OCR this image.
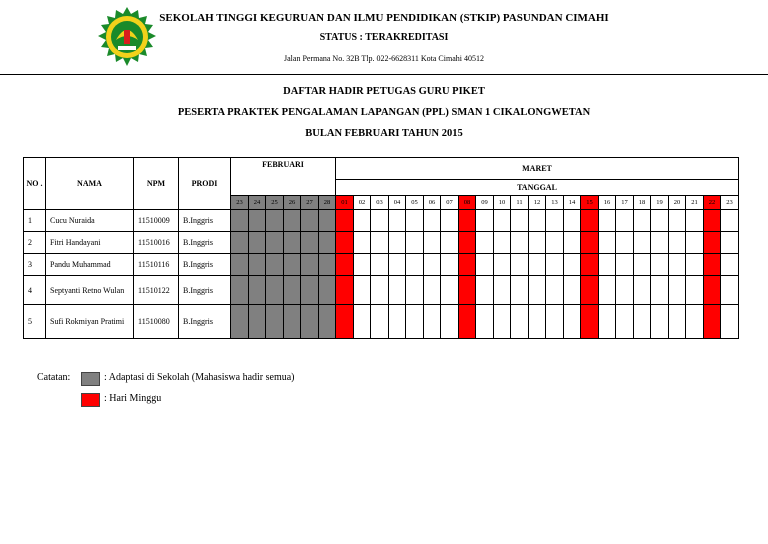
SEKOLAH TINGGI KEGURUAN DAN ILMU PENDIDIKAN (STKIP) PASUNDAN CIMAHI
STATUS : TERAKREDITASI
Jalan Permana No. 32B Tlp. 022-6628311 Kota Cimahi 40512
DAFTAR HADIR PETUGAS GURU PIKET
PESERTA PRAKTEK PENGALAMAN LAPANGAN (PPL) SMAN 1 CIKALONGWETAN
BULAN FEBRUARI TAHUN 2015
NO .	NAMA	NPM	PRODI	FEBRUARI						MARET																						
										TANGGAL																						
				23	24	25	26	27	28	01	02	03	04	05	06	07	08	09	10	11	12	13	14	15	16	17	18	19	20	21	22	23
1	Cucu Nuraida	11510009	B.Inggris																													
2	Fitri Handayani	11510016	B.Inggris																													
3	Pandu Muhammad	11510116	B.Inggris																													
4	Septyanti Retno Wulan	11510122	B.Inggris																													
5	Sufi Rokmiyan Pratimi	11510080	B.Inggris																													
Catatan:	: Adaptasi di Sekolah (Mahasiswa hadir semua)
: Hari Minggu
